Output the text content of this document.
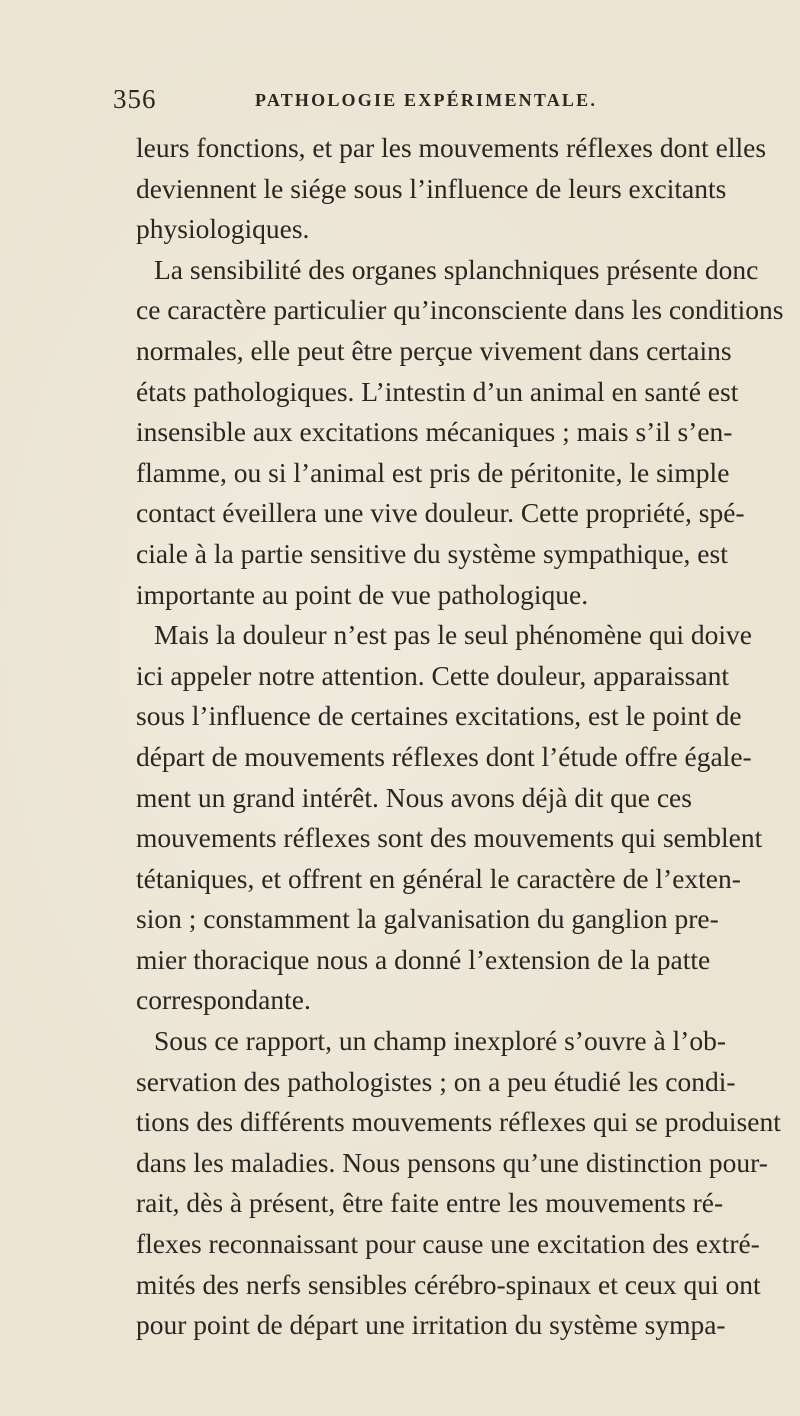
356	PATHOLOGIE EXPÉRIMENTALE.
leurs fonctions, et par les mouvements réflexes dont elles
deviennent le siége sous l’influence de leurs excitants
physiologiques.
La sensibilité des organes splanchniques présente donc
ce caractère particulier qu’inconsciente dans les conditions
normales, elle peut être perçue vivement dans certains
états pathologiques. L’intestin d’un animal en santé est
insensible aux excitations mécaniques ; mais s’il s’en-
flamme, ou si l’animal est pris de péritonite, le simple
contact éveillera une vive douleur. Cette propriété, spé-
ciale à la partie sensitive du système sympathique, est
importante au point de vue pathologique.
Mais la douleur n’est pas le seul phénomène qui doive
ici appeler notre attention. Cette douleur, apparaissant
sous l’influence de certaines excitations, est le point de
départ de mouvements réflexes dont l’étude offre égale-
ment un grand intérêt. Nous avons déjà dit que ces
mouvements réflexes sont des mouvements qui semblent
tétaniques, et offrent en général le caractère de l’exten-
sion ; constamment la galvanisation du ganglion pre-
mier thoracique nous a donné l’extension de la patte
correspondante.
Sous ce rapport, un champ inexploré s’ouvre à l’ob-
servation des pathologistes ; on a peu étudié les condi-
tions des différents mouvements réflexes qui se produisent
dans les maladies. Nous pensons qu’une distinction pour-
rait, dès à présent, être faite entre les mouvements ré-
flexes reconnaissant pour cause une excitation des extré-
mités des nerfs sensibles cérébro-spinaux et ceux qui ont
pour point de départ une irritation du système sympa-
